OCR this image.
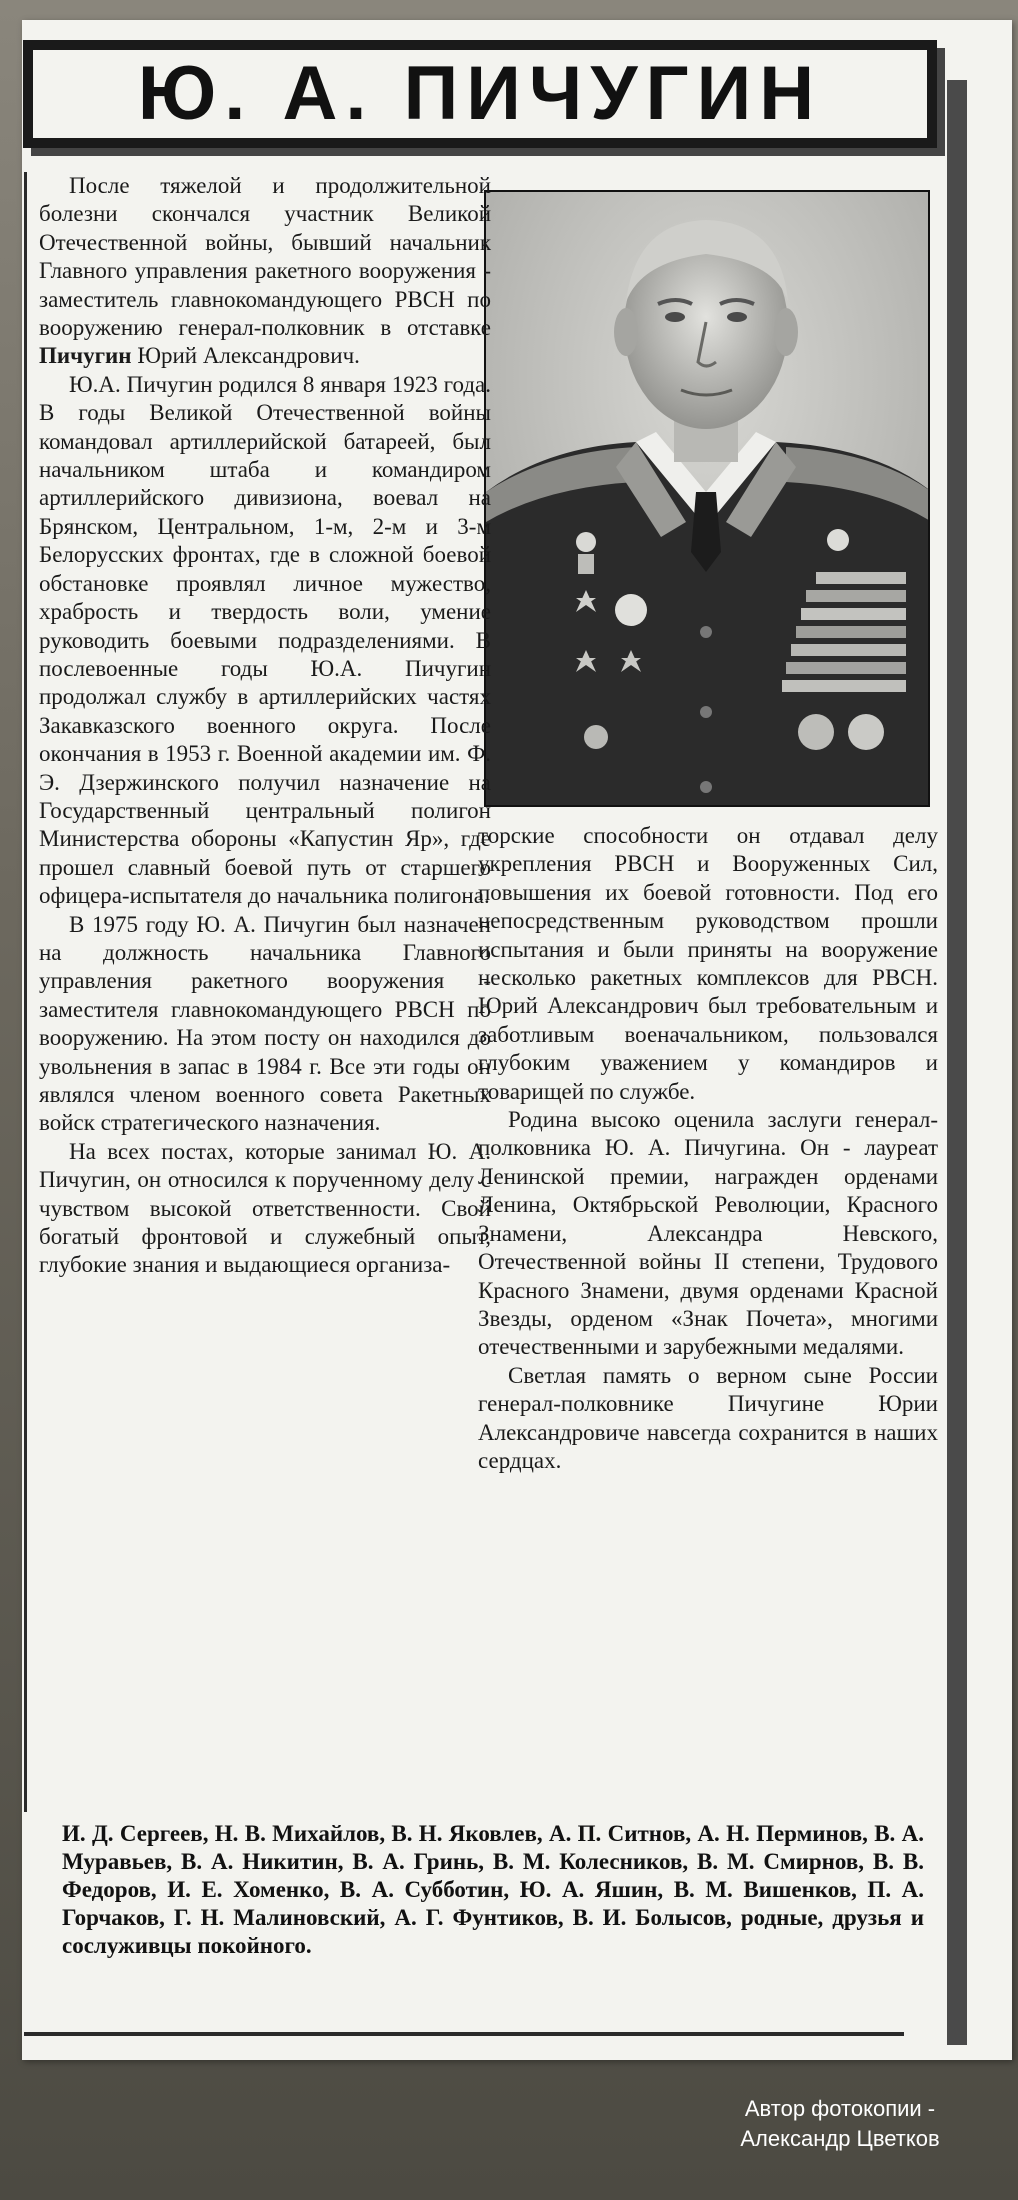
Ю. А. ПИЧУГИН

После тяжелой и продолжительной болезни скончался участник Великой Отечественной войны, бывший начальник Главного управления ракетного вооружения - заместитель главнокомандующего РВСН по вооружению генерал-полковник в отставке Пичугин Юрий Александрович.

Ю.А. Пичугин родился 8 января 1923 года. В годы Великой Отечественной войны командовал артиллерийской батареей, был начальником штаба и командиром артиллерийского дивизиона, воевал на Брянском, Центральном, 1-м, 2-м и 3-м Белорусских фронтах, где в сложной боевой обстановке проявлял личное мужество, храбрость и твердость воли, умение руководить боевыми подразделениями. В послевоенные годы Ю.А. Пичугин продолжал службу в артиллерийских частях Закавказского военного округа. После окончания в 1953 г. Военной академии им. Ф. Э. Дзержинского получил назначение на Государственный центральный полигон Министерства обороны «Капустин Яр», где прошел славный боевой путь от старшего офицера-испытателя до начальника полигона.

В 1975 году Ю. А. Пичугин был назначен на должность начальника Главного управления ракетного вооружения - заместителя главнокомандующего РВСН по вооружению. На этом посту он находился до увольнения в запас в 1984 г. Все эти годы он являлся членом военного совета Ракетных войск стратегического назначения.

На всех постах, которые занимал Ю. А. Пичугин, он относился к порученному делу с чувством высокой ответственности. Свой богатый фронтовой и служебный опыт, глубокие знания и выдающиеся организа-

торские способности он отдавал делу укрепления РВСН и Вооруженных Сил, повышения их боевой готовности. Под его непосредственным руководством прошли испытания и были приняты на вооружение несколько ракетных комплексов для РВСН. Юрий Александрович был требовательным и заботливым военачальником, пользовался глубоким уважением у командиров и товарищей по службе.

Родина высоко оценила заслуги генерал-полковника Ю. А. Пичугина. Он - лауреат Ленинской премии, награжден орденами Ленина, Октябрьской Революции, Красного Знамени, Александра Невского, Отечественной войны II степени, Трудового Красного Знамени, двумя орденами Красной Звезды, орденом «Знак Почета», многими отечественными и зарубежными медалями.

Светлая память о верном сыне России генерал-полковнике Пичугине Юрии Александровиче навсегда сохранится в наших сердцах.

И. Д. Сергеев, Н. В. Михайлов, В. Н. Яковлев, А. П. Ситнов, А. Н. Перминов, В. А. Муравьев, В. А. Никитин, В. А. Гринь, В. М. Колесников, В. М. Смирнов, В. В. Федоров, И. Е. Хоменко, В. А. Субботин, Ю. А. Яшин, В. М. Вишенков, П. А. Горчаков, Г. Н. Малиновский, А. Г. Фунтиков, В. И. Болысов, родные, друзья и сослуживцы покойного.
Автор фотокопии -
Александр Цветков
